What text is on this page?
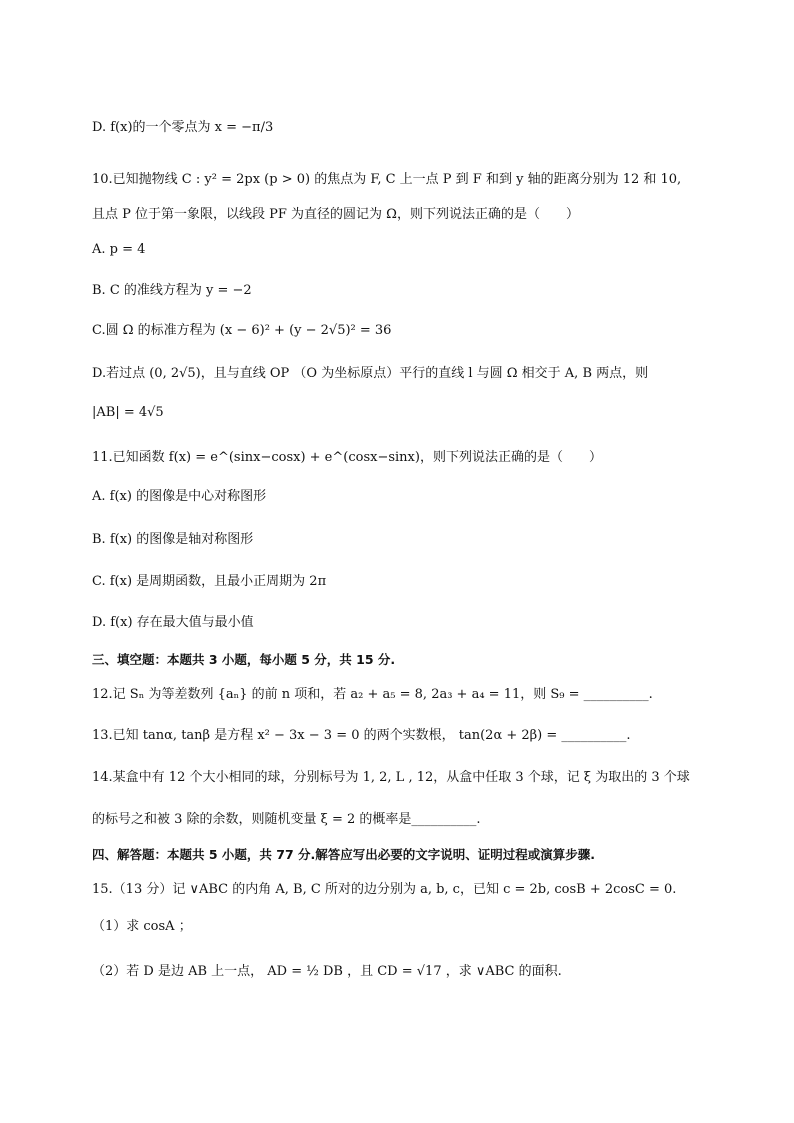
D. f(x)的一个零点为 x = −π/3
10.已知抛物线 C : y² = 2px (p > 0) 的焦点为 F, C 上一点 P 到 F 和到 y 轴的距离分别为 12 和 10,
且点 P 位于第一象限，以线段 PF 为直径的圆记为 Ω，则下列说法正确的是（　　）
A. p = 4
B. C 的准线方程为 y = −2
C.圆 Ω 的标准方程为 (x − 6)² + (y − 2√5)² = 36
D.若过点 (0, 2√5)，且与直线 OP （O 为坐标原点）平行的直线 l 与圆 Ω 相交于 A, B 两点，则
|AB| = 4√5
11.已知函数 f(x) = e^(sinx−cosx) + e^(cosx−sinx)，则下列说法正确的是（　　）
A. f(x) 的图像是中心对称图形
B. f(x) 的图像是轴对称图形
C. f(x) 是周期函数，且最小正周期为 2π
D. f(x) 存在最大值与最小值
三、填空题：本题共 3 小题，每小题 5 分，共 15 分.
12.记 Sₙ 为等差数列 {aₙ} 的前 n 项和，若 a₂ + a₅ = 8, 2a₃ + a₄ = 11，则 S₉ = __________.
13.已知 tanα, tanβ 是方程 x² − 3x − 3 = 0 的两个实数根， tan(2α + 2β) = __________.
14.某盒中有 12 个大小相同的球，分别标号为 1, 2, L , 12，从盒中任取 3 个球，记 ξ 为取出的 3 个球
的标号之和被 3 除的余数，则随机变量 ξ = 2 的概率是__________.
四、解答题：本题共 5 小题，共 77 分.解答应写出必要的文字说明、证明过程或演算步骤.
15.（13 分）记 ∨ABC 的内角 A, B, C 所对的边分别为 a, b, c，已知 c = 2b, cosB + 2cosC = 0.
（1）求 cosA ；
（2）若 D 是边 AB 上一点， AD = ½ DB ，且 CD = √17 ，求 ∨ABC 的面积.
